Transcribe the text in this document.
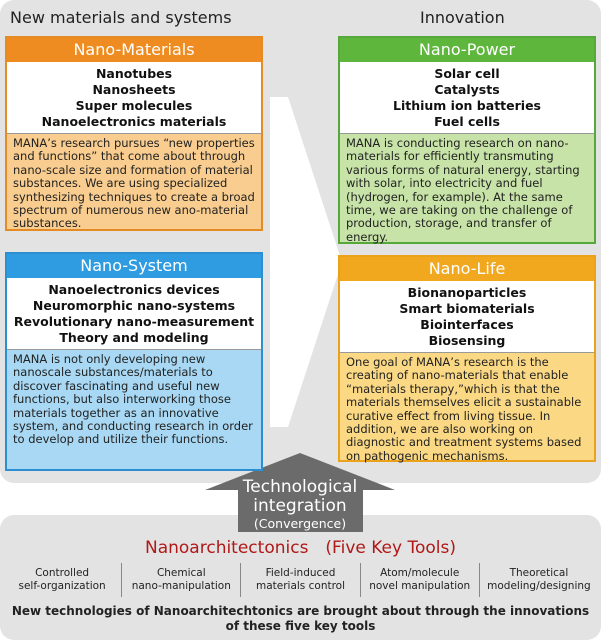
New materials and systems	Innovation
Nano-Materials
Nanotubes
Nanosheets
Super molecules
Nanoelectronics materials
MANA’s research pursues “new properties and functions” that come about through nano-scale size and formation of material substances. We are using specialized synthesizing techniques to create a broad spectrum of numerous new ano-material substances.
Nano-System
Nanoelectronics devices
Neuromorphic nano-systems
Revolutionary nano-measurement
Theory and modeling
MANA is not only developing new nanoscale substances/materials to discover fascinating and useful new functions, but also interworking those materials together as an innovative system, and conducting research in order to develop and utilize their functions.
Nano-Power
Solar cell
Catalysts
Lithium ion batteries
Fuel cells
MANA is conducting research on nano-materials for efficiently transmuting various forms of natural energy, starting with solar, into electricity and fuel (hydrogen, for example). At the same time, we are taking on the challenge of production, storage, and transfer of energy.
Nano-Life
Bionanoparticles
Smart biomaterials
Biointerfaces
Biosensing
One goal of MANA’s research is the creating of nano-materials that enable “materials therapy,”which is that the materials themselves elicit a sustainable curative effect from living tissue. In addition, we are also working on diagnostic and treatment systems based on pathogenic mechanisms.
Technological
integration
(Convergence)
Nanoarchitectonics　(Five Key Tools)
Controlled
self-organization
Chemical
nano-manipulation
Field-induced
materials control
Atom/molecule
novel manipulation
Theoretical
modeling/designing
New technologies of Nanoarchitechtonics are brought about through the innovations
of these five key tools
